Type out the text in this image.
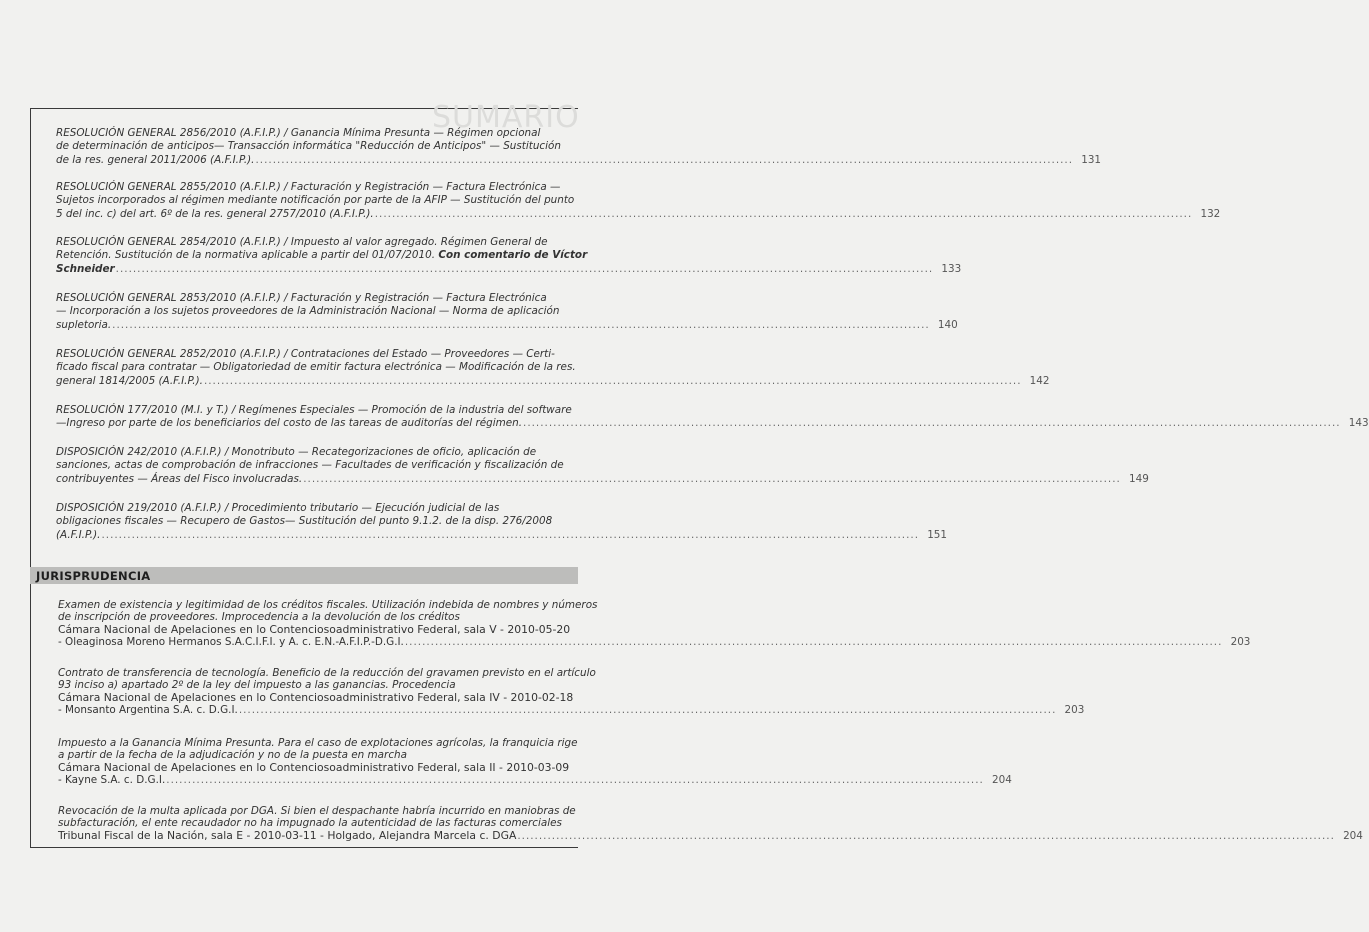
SUMARIO
RESOLUCIÓN GENERAL 2856/2010 (A.F.I.P.) / Ganancia Mínima Presunta — Régimen opcional
de determinación de anticipos— Transacción informática "Reducción de Anticipos" — Sustitución
de la res. general 2011/2006 (A.F.I.P.). .....	131
RESOLUCIÓN GENERAL 2855/2010 (A.F.I.P.) / Facturación y Registración — Factura Electrónica —
Sujetos incorporados al régimen mediante notificación por parte de la AFIP — Sustitución del punto
5 del inc. c) del art. 6º de la res. general 2757/2010 (A.F.I.P.). .....	132
RESOLUCIÓN GENERAL 2854/2010 (A.F.I.P.) / Impuesto al valor agregado. Régimen General de
Retención. Sustitución de la normativa aplicable a partir del 01/07/2010. Con comentario de Víctor
Schneider .....	133
RESOLUCIÓN GENERAL 2853/2010 (A.F.I.P.) / Facturación y Registración — Factura Electrónica
— Incorporación a los sujetos proveedores de la Administración Nacional — Norma de aplicación
supletoria. .....	140
RESOLUCIÓN GENERAL 2852/2010 (A.F.I.P.) / Contrataciones del Estado — Proveedores — Certi-
ficado fiscal para contratar — Obligatoriedad de emitir factura electrónica — Modificación de la res.
general 1814/2005 (A.F.I.P.). .....	142
RESOLUCIÓN 177/2010 (M.I. y T.) / Regímenes Especiales — Promoción de la industria del software
—Ingreso por parte de los beneficiarios del costo de las tareas de auditorías del régimen. .....	143
DISPOSICIÓN 242/2010 (A.F.I.P.) / Monotributo — Recategorizaciones de oficio, aplicación de
sanciones, actas de comprobación de infracciones — Facultades de verificación y fiscalización de
contribuyentes — Áreas del Fisco involucradas. .....	149
DISPOSICIÓN 219/2010 (A.F.I.P.) / Procedimiento tributario — Ejecución judicial de las
obligaciones fiscales — Recupero de Gastos— Sustitución del punto 9.1.2. de la disp. 276/2008
(A.F.I.P.). .....	151
JURISPRUDENCIA
Examen de existencia y legitimidad de los créditos fiscales. Utilización indebida de nombres y números
de inscripción de proveedores. Improcedencia a la devolución de los créditos
Cámara Nacional de Apelaciones en lo Contenciosoadministrativo Federal, sala V - 2010-05-20
- Oleaginosa Moreno Hermanos S.A.C.I.F.I. y A. c. E.N.-A.F.I.P.-D.G.I. .....	203
Contrato de transferencia de tecnología. Beneficio de la reducción del gravamen previsto en el artículo
93 inciso a) apartado 2º de la ley del impuesto a las ganancias. Procedencia
Cámara Nacional de Apelaciones en lo Contenciosoadministrativo Federal, sala IV - 2010-02-18
- Monsanto Argentina S.A. c. D.G.I. .....	203
Impuesto a la Ganancia Mínima Presunta. Para el caso de explotaciones agrícolas, la franquicia rige
a partir de la fecha de la adjudicación y no de la puesta en marcha
Cámara Nacional de Apelaciones en lo Contenciosoadministrativo Federal, sala II - 2010-03-09
- Kayne S.A. c. D.G.I. .....	204
Revocación de la multa aplicada por DGA. Si bien el despachante habría incurrido en maniobras de
subfacturación, el ente recaudador no ha impugnado la autenticidad de las facturas comerciales
Tribunal Fiscal de la Nación, sala E - 2010-03-11 - Holgado, Alejandra Marcela c. DGA .....	204
